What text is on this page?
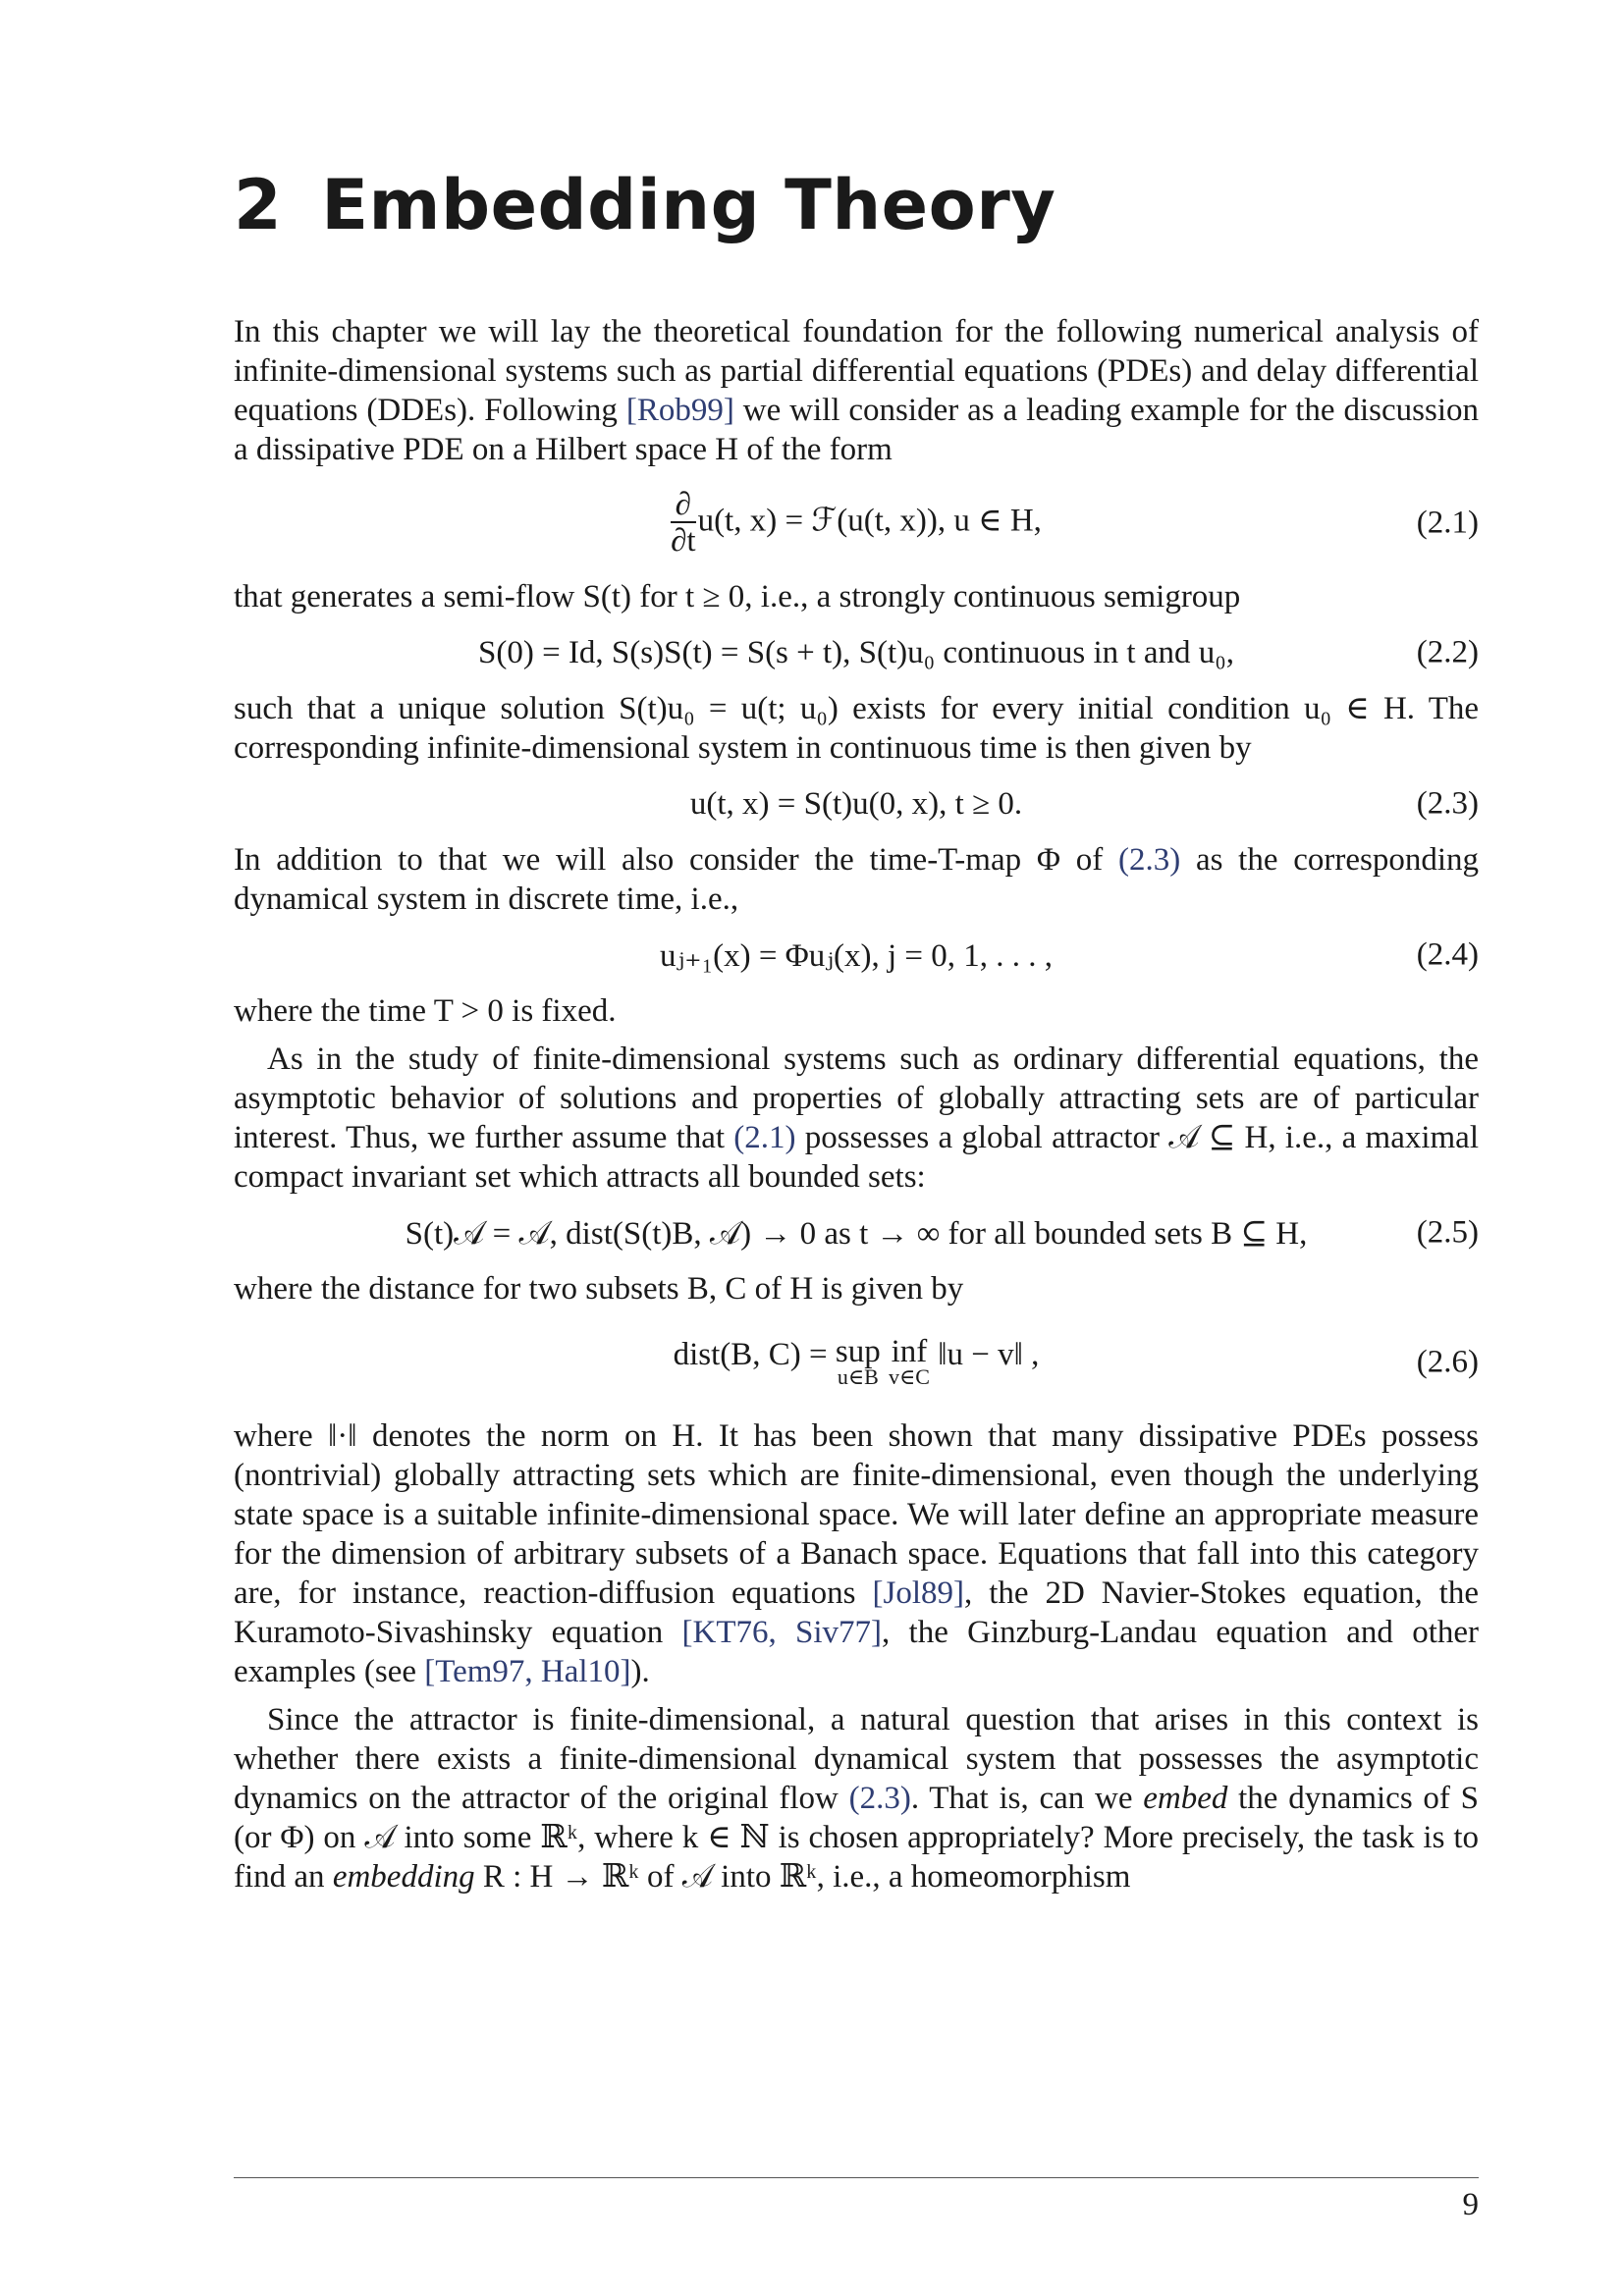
2 Embedding Theory

In this chapter we will lay the theoretical foundation for the following numerical analysis of infinite-dimensional systems such as partial differential equations (PDEs) and delay differential equations (DDEs). Following [Rob99] we will consider as a leading example for the discussion a dissipative PDE on a Hilbert space H of the form

$\frac{\partial}{\partial t} u(t$, x) = ℱ(u(t, x)), u ∈ H,	(2.1)

that generates a semi-flow S(t) for t ≥ 0, i.e., a strongly continuous semigroup

S(0) = Id, S(s)S(t) = S(s + t), S(t)u₀ continuous in t and u₀,	(2.2)

such that a unique solution S(t)u₀ = u(t; u₀) exists for every initial condition u₀ ∈ H. The corresponding infinite-dimensional system in continuous time is then given by

u(t, x) = S(t)u(0, x), t ≥ 0.	(2.3)

In addition to that we will also consider the time-T-map Φ of (2.3) as the corresponding dynamical system in discrete time, i.e.,

uⱼ₊₁(x) = Φuⱼ(x), j = 0, 1, . . . ,	(2.4)

where the time T > 0 is fixed.

As in the study of finite-dimensional systems such as ordinary differential equations, the asymptotic behavior of solutions and properties of globally attracting sets are of particular interest. Thus, we further assume that (2.1) possesses a global attractor 𝒜 ⊆ H, i.e., a maximal compact invariant set which attracts all bounded sets:

S(t)𝒜 = 𝒜, dist(S(t)B, 𝒜) → 0 as t → ∞ for all bounded sets B ⊆ H,	(2.5)

where the distance for two subsets B, C of H is given by

dist(B, C) = sup
u∈B
inf
v∈C
‖u − v‖ ,	(2.6)

where ‖·‖ denotes the norm on H. It has been shown that many dissipative PDEs possess (nontrivial) globally attracting sets which are finite-dimensional, even though the underlying state space is a suitable infinite-dimensional space. We will later define an appropriate measure for the dimension of arbitrary subsets of a Banach space. Equations that fall into this category are, for instance, reaction-diffusion equations [Jol89], the 2D Navier-Stokes equation, the Kuramoto-Sivashinsky equation [KT76, Siv77], the Ginzburg-Landau equation and other examples (see [Tem97, Hal10]).

Since the attractor is finite-dimensional, a natural question that arises in this context is whether there exists a finite-dimensional dynamical system that possesses the asymptotic dynamics on the attractor of the original flow (2.3). That is, can we embed the dynamics of S (or Φ) on 𝒜 into some ℝᵏ, where k ∈ ℕ is chosen appropriately? More precisely, the task is to find an embedding R : H → ℝᵏ of 𝒜 into ℝᵏ, i.e., a homeomorphism

9
